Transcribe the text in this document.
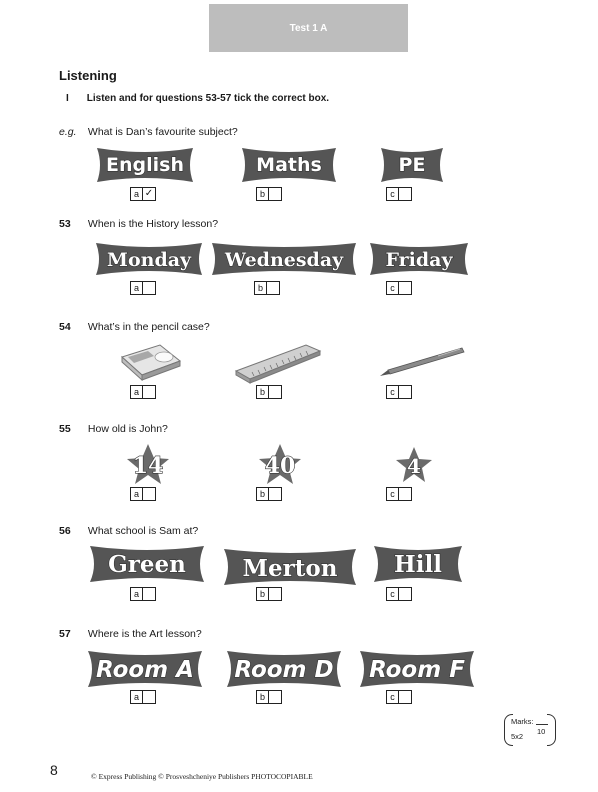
Test 1 A
Listening
I Listen and for questions 53-57 tick the correct box.
e.g. What is Dan’s favourite subject?
53 When is the History lesson?
54 What’s in the pencil case?
55 How old is John?
56 What school is Sam at?
57 Where is the Art lesson?
English
a ✓
Maths
b
PE
c
Monday
a
Wednesday
b
Friday
c
a	b	c
14
a
40
b
4
c
Green
a
Merton
b
Hill
c
Room A
a
Room D
b
Room F
c
Marks:
5x2
10
8	© Express Publishing © Prosveshcheniye Publishers PHOTOCOPIABLE
